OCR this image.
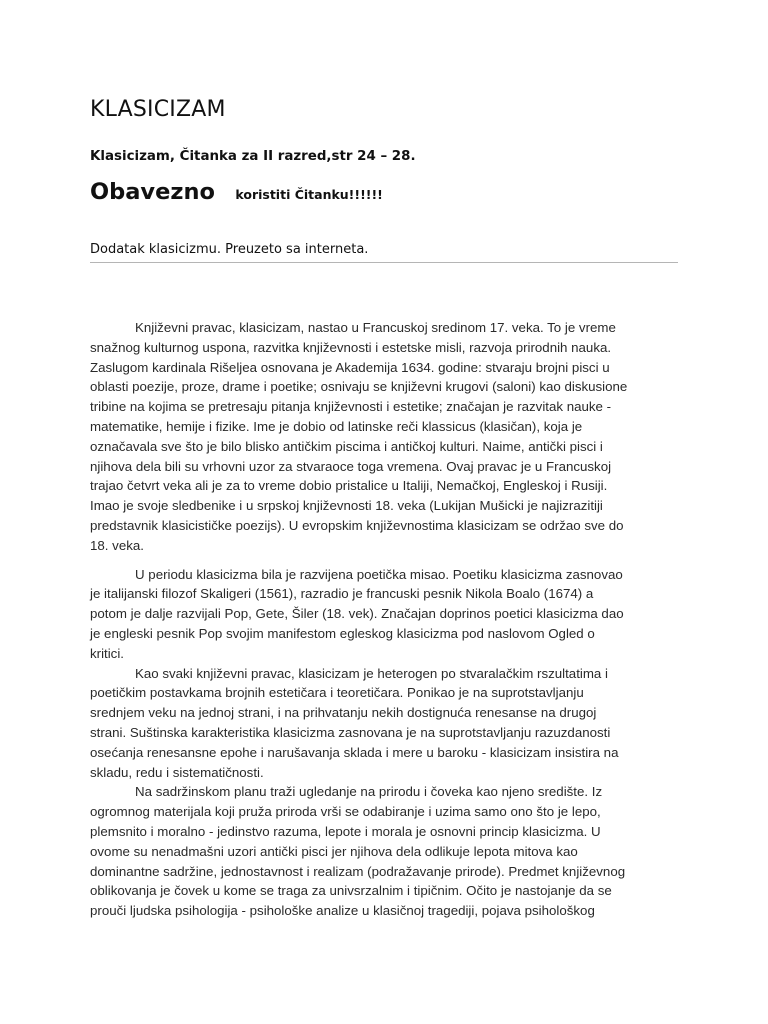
KLASICIZAM
Klasicizam, Čitanka za II razred,str 24 – 28.
Obavezno koristiti Čitanku!!!!!!
Dodatak klasicizmu. Preuzeto sa interneta.
Književni pravac, klasicizam, nastao u Francuskoj sredinom 17. veka. To je vreme
snažnog kulturnog uspona, razvitka književnosti i estetske misli, razvoja prirodnih nauka.
Zaslugom kardinala Rišeljea osnovana je Akademija 1634. godine: stvaraju brojni pisci u
oblasti poezije, proze, drame i poetike; osnivaju se književni krugovi (saloni) kao diskusione
tribine na kojima se pretresaju pitanja književnosti i estetike; značajan je razvitak nauke -
matematike, hemije i fizike. Ime je dobio od latinske reči klassicus (klasičan), koja je
označavala sve što je bilo blisko antičkim piscima i antičkoj kulturi. Naime, antički pisci i
njihova dela bili su vrhovni uzor za stvaraoce toga vremena. Ovaj pravac je u Francuskoj
trajao četvrt veka ali je za to vreme dobio pristalice u Italiji, Nemačkoj, Engleskoj i Rusiji.
Imao je svoje sledbenike i u srpskoj književnosti 18. veka (Lukijan Mušicki je najizrazitiji
predstavnik klasicističke poezijs). U evropskim književnostima klasicizam se održao sve do
18. veka.
U periodu klasicizma bila je razvijena poetička misao. Poetiku klasicizma zasnovao
je italijanski filozof Skaligeri (1561), razradio je francuski pesnik Nikola Boalo (1674) a
potom je dalje razvijali Pop, Gete, Šiler (18. vek). Značajan doprinos poetici klasicizma dao
je engleski pesnik Pop svojim manifestom egleskog klasicizma pod naslovom Ogled o
kritici.
Kao svaki književni pravac, klasicizam je heterogen po stvaralačkim rszultatima i
poetičkim postavkama brojnih estetičara i teoretičara. Ponikao je na suprotstavljanju
srednjem veku na jednoj strani, i na prihvatanju nekih dostignuća renesanse na drugoj
strani. Suštinska karakteristika klasicizma zasnovana je na suprotstavljanju razuzdanosti
osećanja renesansne epohe i narušavanja sklada i mere u baroku - klasicizam insistira na
skladu, redu i sistematičnosti.
Na sadržinskom planu traži ugledanje na prirodu i čoveka kao njeno središte. Iz
ogromnog materijala koji pruža priroda vrši se odabiranje i uzima samo ono što je lepo,
plemsnito i moralno - jedinstvo razuma, lepote i morala je osnovni princip klasicizma. U
ovome su nenadmašni uzori antički pisci jer njihova dela odlikuje lepota mitova kao
dominantne sadržine, jednostavnost i realizam (podražavanje prirode). Predmet književnog
oblikovanja je čovek u kome se traga za univsrzalnim i tipičnim. Očito je nastojanje da se
prouči ljudska psihologija - psihološke analize u klasičnoj tragediji, pojava psihološkog
